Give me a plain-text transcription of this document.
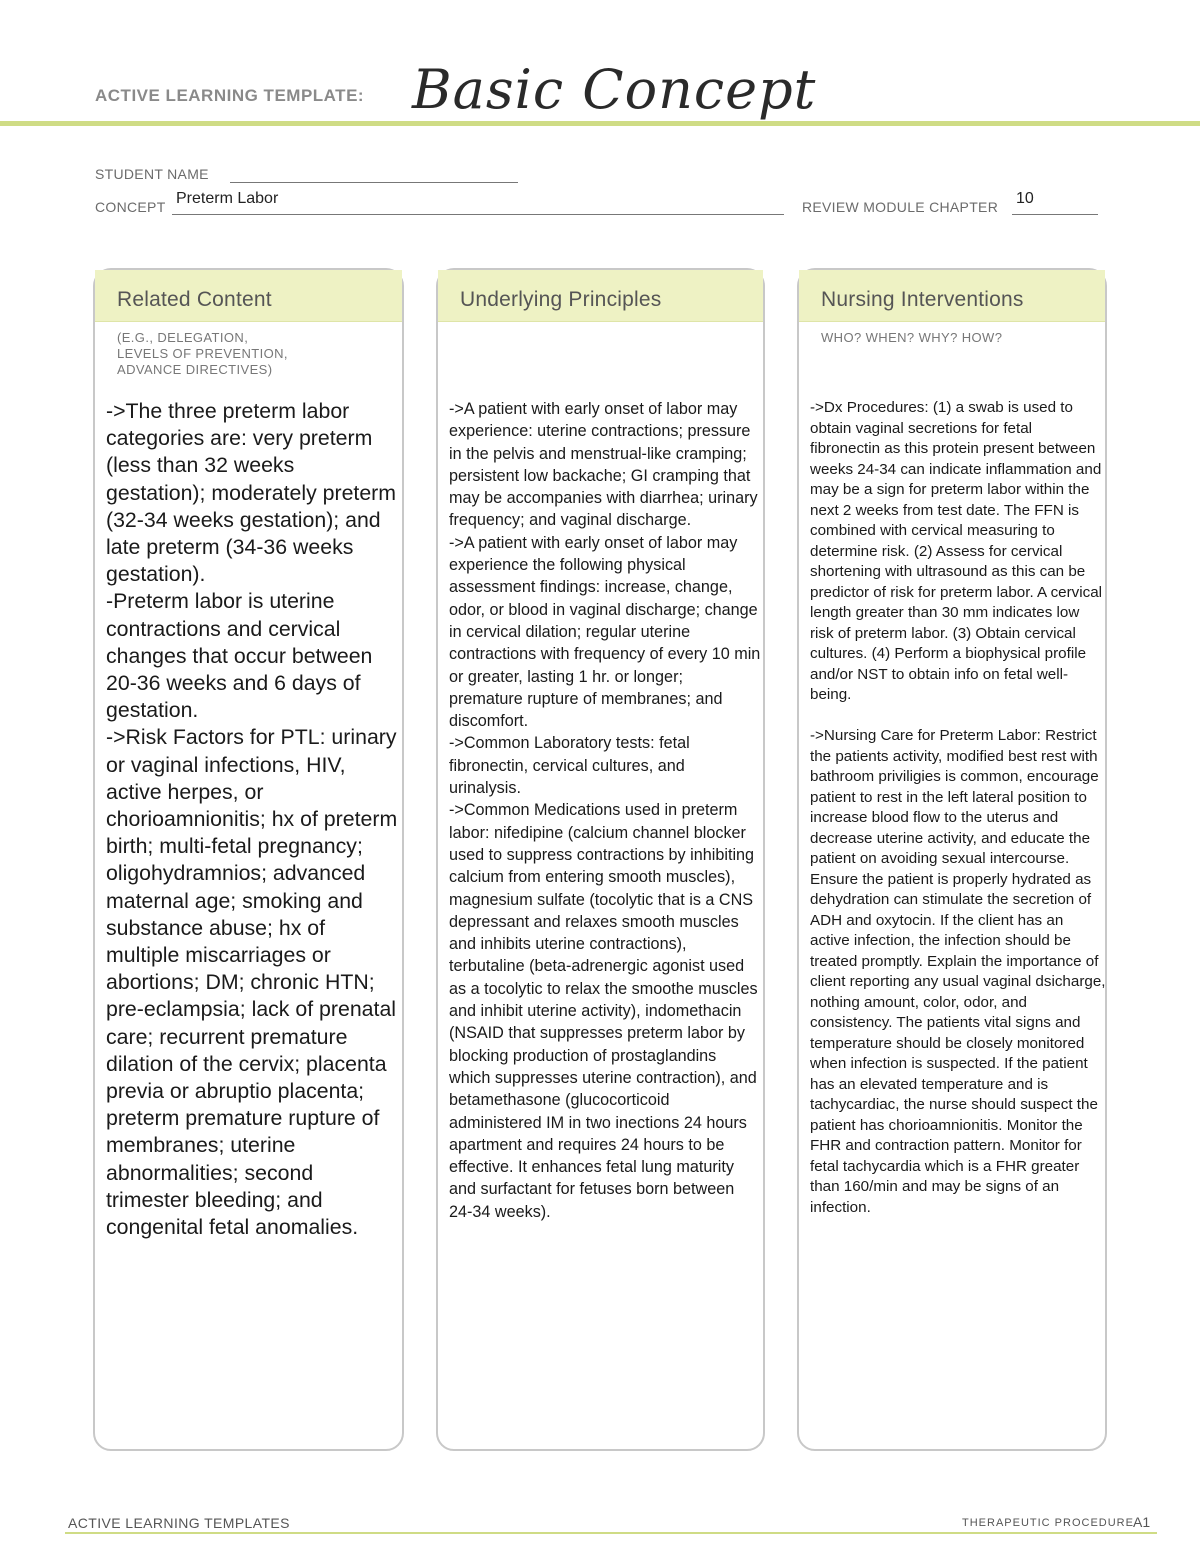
ACTIVE LEARNING TEMPLATE: Basic Concept
STUDENT NAME
CONCEPT Preterm Labor	REVIEW MODULE CHAPTER 10
Related Content
(E.G., DELEGATION,
LEVELS OF PREVENTION,
ADVANCE DIRECTIVES)
->The three preterm labor categories are: very preterm (less than 32 weeks gestation); moderately preterm (32-34 weeks gestation); and late preterm (34-36 weeks gestation).
-Preterm labor is uterine contractions and cervical changes that occur between 20-36 weeks and 6 days of gestation.
->Risk Factors for PTL: urinary or vaginal infections, HIV, active herpes, or chorioamnionitis; hx of preterm birth; multi-fetal pregnancy; oligohydramnios; advanced maternal age; smoking and substance abuse; hx of multiple miscarriages or abortions; DM; chronic HTN; pre-eclampsia; lack of prenatal care; recurrent premature dilation of the cervix; placenta previa or abruptio placenta; preterm premature rupture of membranes; uterine abnormalities; second trimester bleeding; and congenital fetal anomalies.
Underlying Principles
->A patient with early onset of labor may experience: uterine contractions; pressure in the pelvis and menstrual-like cramping; persistent low backache; GI cramping that may be accompanies with diarrhea; urinary frequency; and vaginal discharge.
->A patient with early onset of labor may experience the following physical assessment findings: increase, change, odor, or blood in vaginal discharge; change in cervical dilation; regular uterine contractions with frequency of every 10 min or greater, lasting 1 hr. or longer; premature rupture of membranes; and discomfort.
->Common Laboratory tests: fetal fibronectin, cervical cultures, and urinalysis.
->Common Medications used in preterm labor: nifedipine (calcium channel blocker used to suppress contractions by inhibiting calcium from entering smooth muscles), magnesium sulfate (tocolytic that is a CNS depressant and relaxes smooth muscles and inhibits uterine contractions), terbutaline (beta-adrenergic agonist used as a tocolytic to relax the smoothe muscles and inhibit uterine activity), indomethacin (NSAID that suppresses preterm labor by blocking production of prostaglandins which suppresses uterine contraction), and betamethasone (glucocorticoid administered IM in two inections 24 hours apartment and requires 24 hours to be effective. It enhances fetal lung maturity and surfactant for fetuses born between 24-34 weeks).
Nursing Interventions
WHO? WHEN? WHY? HOW?
->Dx Procedures: (1) a swab is used to obtain vaginal secretions for fetal fibronectin as this protein present between weeks 24-34 can indicate inflammation and may be a sign for preterm labor within the next 2 weeks from test date. The FFN is combined with cervical measuring to determine risk. (2) Assess for cervical shortening with ultrasound as this can be predictor of risk for preterm labor. A cervical length greater than 30 mm indicates low risk of preterm labor. (3) Obtain cervical cultures. (4) Perform a biophysical profile and/or NST to obtain info on fetal well-being.

->Nursing Care for Preterm Labor: Restrict the patients activity, modified best rest with bathroom priviligies is common, encourage patient to rest in the left lateral position to increase blood flow to the uterus and decrease uterine activity, and educate the patient on avoiding sexual intercourse. Ensure the patient is properly hydrated as dehydration can stimulate the secretion of ADH and oxytocin. If the client has an active infection, the infection should be treated promptly. Explain the importance of client reporting any usual vaginal dsicharge, nothing amount, color, odor, and consistency. The patients vital signs and temperature should be closely monitored when infection is suspected. If the patient has an elevated temperature and is tachycardiac, the nurse should suspect the patient has chorioamnionitis. Monitor the FHR and contraction pattern. Monitor for fetal tachycardia which is a FHR greater than 160/min and may be signs of an infection.
ACTIVE LEARNING TEMPLATES	THERAPEUTIC PROCEDURE A1
